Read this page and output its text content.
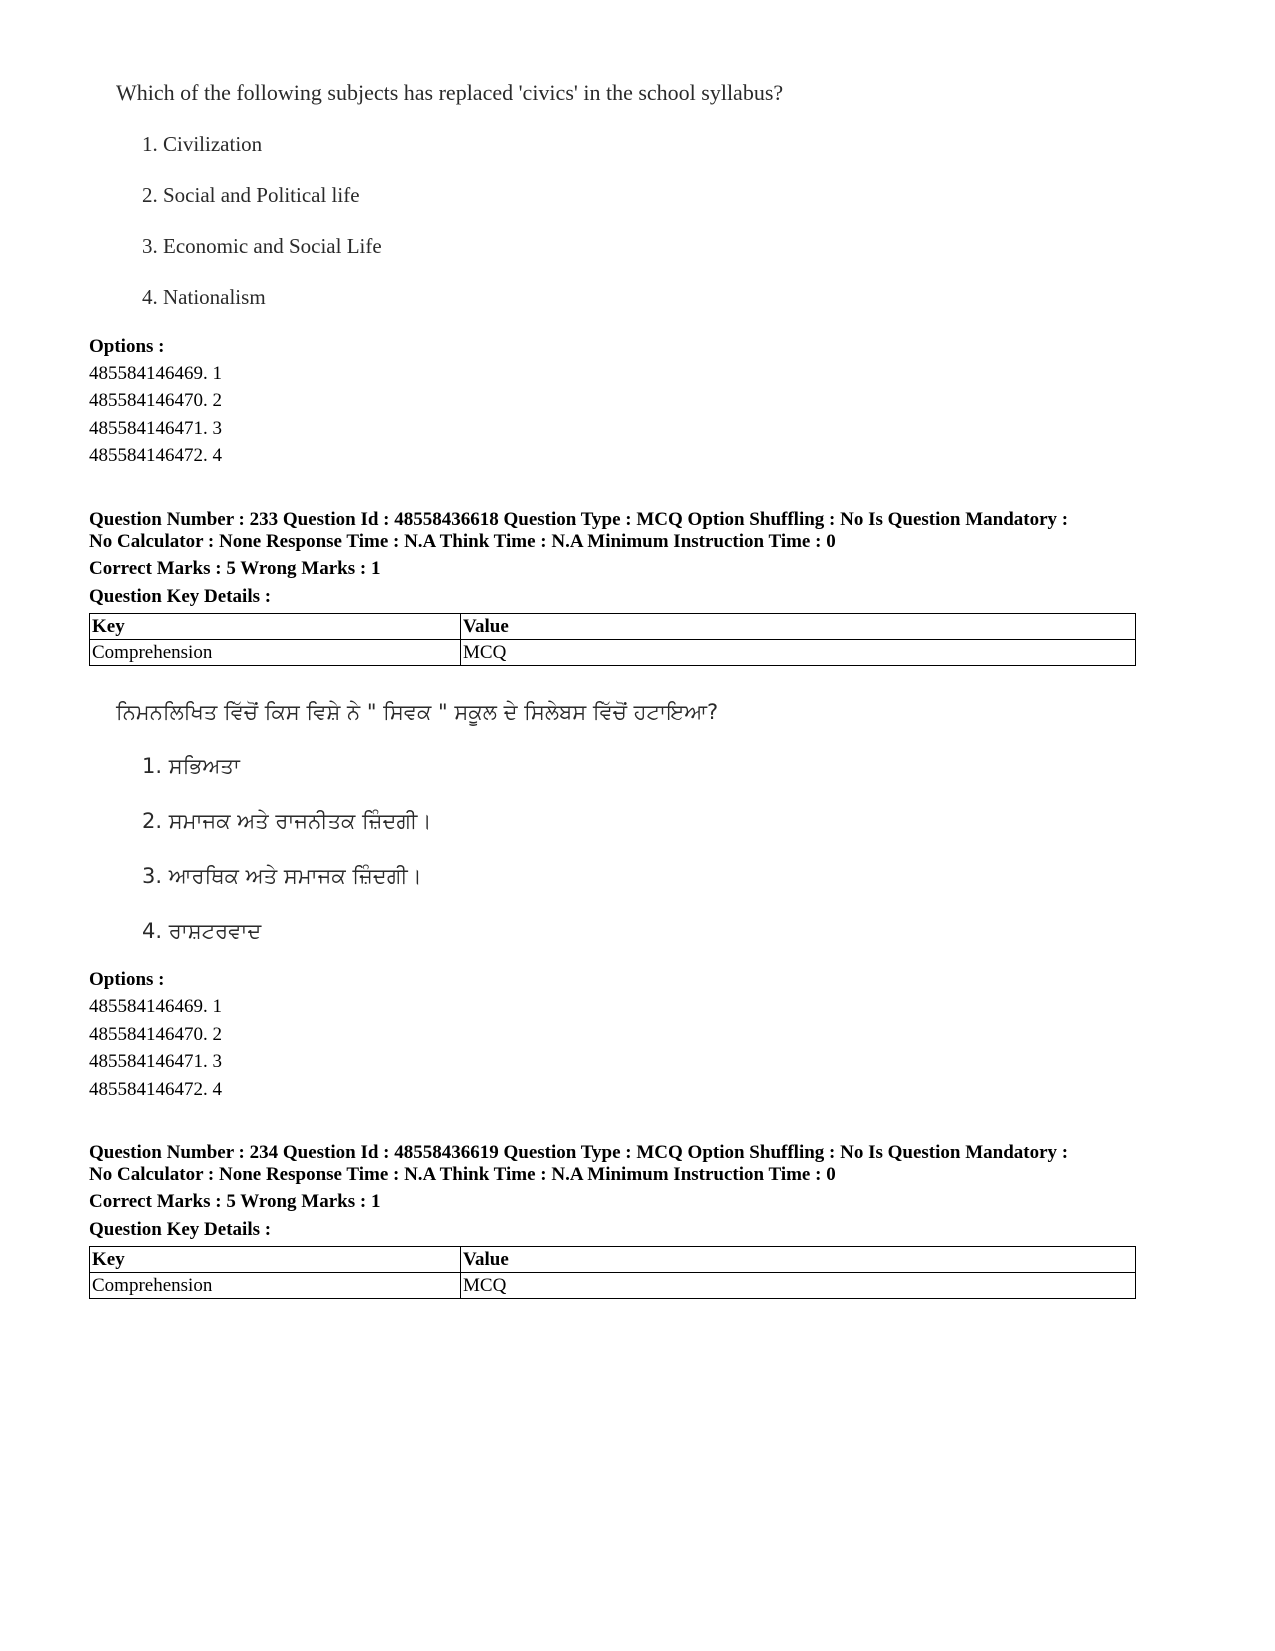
Which of the following subjects has replaced 'civics' in the school syllabus?
1. Civilization
2. Social and Political life
3. Economic and Social Life
4. Nationalism
Options :
485584146469. 1
485584146470. 2
485584146471. 3
485584146472. 4
Question Number : 233 Question Id : 48558436618 Question Type : MCQ Option Shuffling : No Is Question Mandatory :
No Calculator : None Response Time : N.A Think Time : N.A Minimum Instruction Time : 0
Correct Marks : 5 Wrong Marks : 1
Question Key Details :
Key	Value
Comprehension	MCQ
ਨਿਮਨਲਿਖਿਤ ਵਿੱਚੋਂ ਕਿਸ ਵਿਸ਼ੇ ਨੇ " ਸਿਵਕ " ਸਕੂਲ ਦੇ ਸਿਲੇਬਸ ਵਿੱਚੋਂ ਹਟਾਇਆ?
1. ਸਭਿਅਤਾ
2. ਸਮਾਜਕ ਅਤੇ ਰਾਜਨੀਤਕ ਜ਼ਿੰਦਗੀ।
3. ਆਰਥਿਕ ਅਤੇ ਸਮਾਜਕ ਜ਼ਿੰਦਗੀ।
4. ਰਾਸ਼ਟਰਵਾਦ
Options :
485584146469. 1
485584146470. 2
485584146471. 3
485584146472. 4
Question Number : 234 Question Id : 48558436619 Question Type : MCQ Option Shuffling : No Is Question Mandatory :
No Calculator : None Response Time : N.A Think Time : N.A Minimum Instruction Time : 0
Correct Marks : 5 Wrong Marks : 1
Question Key Details :
Key	Value
Comprehension	MCQ
